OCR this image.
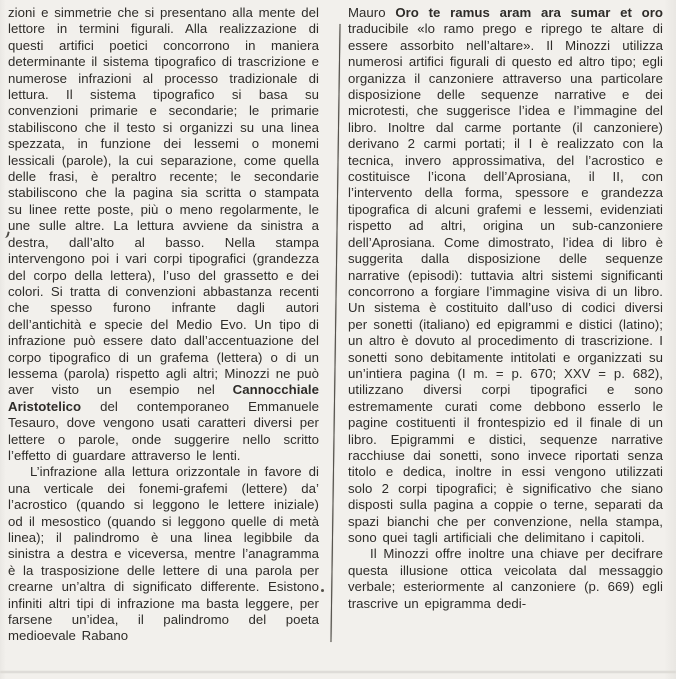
zioni e simmetrie che si presentano alla mente del lettore in termini figurali. Alla realizzazione di questi artifici poetici concorrono in maniera determinante il sistema tipografico di trascrizione e numerose infrazioni al processo tradizionale di lettura. Il sistema tipografico si basa su convenzioni primarie e secondarie; le primarie stabiliscono che il testo si organizzi su una linea spezzata, in funzione dei lessemi o monemi lessicali (parole), la cui separazione, come quella delle frasi, è peraltro recente; le secondarie stabiliscono che la pagina sia scritta o stampata su linee rette poste, più o meno regolarmente, le une sulle altre. La lettura avviene da sinistra a destra, dall’alto al basso. Nella stampa intervengono poi i vari corpi tipografici (grandezza del corpo della lettera), l’uso del grassetto e dei colori. Si tratta di convenzioni abbastanza recenti che spesso furono infrante dagli autori dell’antichità e specie del Medio Evo. Un tipo di infrazione può essere dato dall’accentuazione del corpo tipografico di un grafema (lettera) o di un lessema (parola) rispetto agli altri; Minozzi ne può aver visto un esempio nel Cannocchiale Aristotelico del contemporaneo Emmanuele Tesauro, dove vengono usati caratteri diversi per lettere o parole, onde suggerire nello scritto l’effetto di guardare attraverso le lenti.

L’infrazione alla lettura orizzontale in favore di una verticale dei fonemi-grafemi (lettere) da’ l’acrostico (quando si leggono le lettere iniziale) od il mesostico (quando si leggono quelle di metà linea); il palindromo è una linea legibbile da sinistra a destra e viceversa, mentre l’anagramma è la trasposizione delle lettere di una parola per crearne un’altra di significato differente. Esistono infiniti altri tipi di infrazione ma basta leggere, per farsene un’idea, il palindromo del poeta medioevale Rabano

Mauro Oro te ramus aram ara sumar et oro traducibile «lo ramo prego e riprego te altare di essere assorbito nell’altare». Il Minozzi utilizza numerosi artifici figurali di questo ed altro tipo; egli organizza il canzoniere attraverso una particolare disposizione delle sequenze narrative e dei microtesti, che suggerisce l’idea e l’immagine del libro. Inoltre dal carme portante (il canzoniere) derivano 2 carmi portati; il I è realizzato con la tecnica, invero approssimativa, del l’acrostico e costituisce l’icona dell’Aprosiana, il II, con l’intervento della forma, spessore e grandezza tipografica di alcuni grafemi e lessemi, evidenziati rispetto ad altri, origina un sub-canzoniere dell’Aprosiana. Come dimostrato, l’idea di libro è suggerita dalla disposizione delle sequenze narrative (episodi): tuttavia altri sistemi significanti concorrono a forgiare l’immagine visiva di un libro. Un sistema è costituito dall’uso di codici diversi per sonetti (italiano) ed epigrammi e distici (latino); un altro è dovuto al procedimento di trascrizione. I sonetti sono debitamente intitolati e organizzati su un’intiera pagina (I m. = p. 670; XXV = p. 682), utilizzano diversi corpi tipografici e sono estremamente curati come debbono esserlo le pagine costituenti il frontespizio ed il finale di un libro. Epigrammi e distici, sequenze narrative racchiuse dai sonetti, sono invece riportati senza titolo e dedica, inoltre in essi vengono utilizzati solo 2 corpi tipografici; è significativo che siano disposti sulla pagina a coppie o terne, separati da spazi bianchi che per convenzione, nella stampa, sono quei tagli artificiali che delimitano i capitoli.

Il Minozzi offre inoltre una chiave per decifrare questa illusione ottica veicolata dal messaggio verbale; esteriormente al canzoniere (p. 669) egli trascrive un epigramma dedi-
